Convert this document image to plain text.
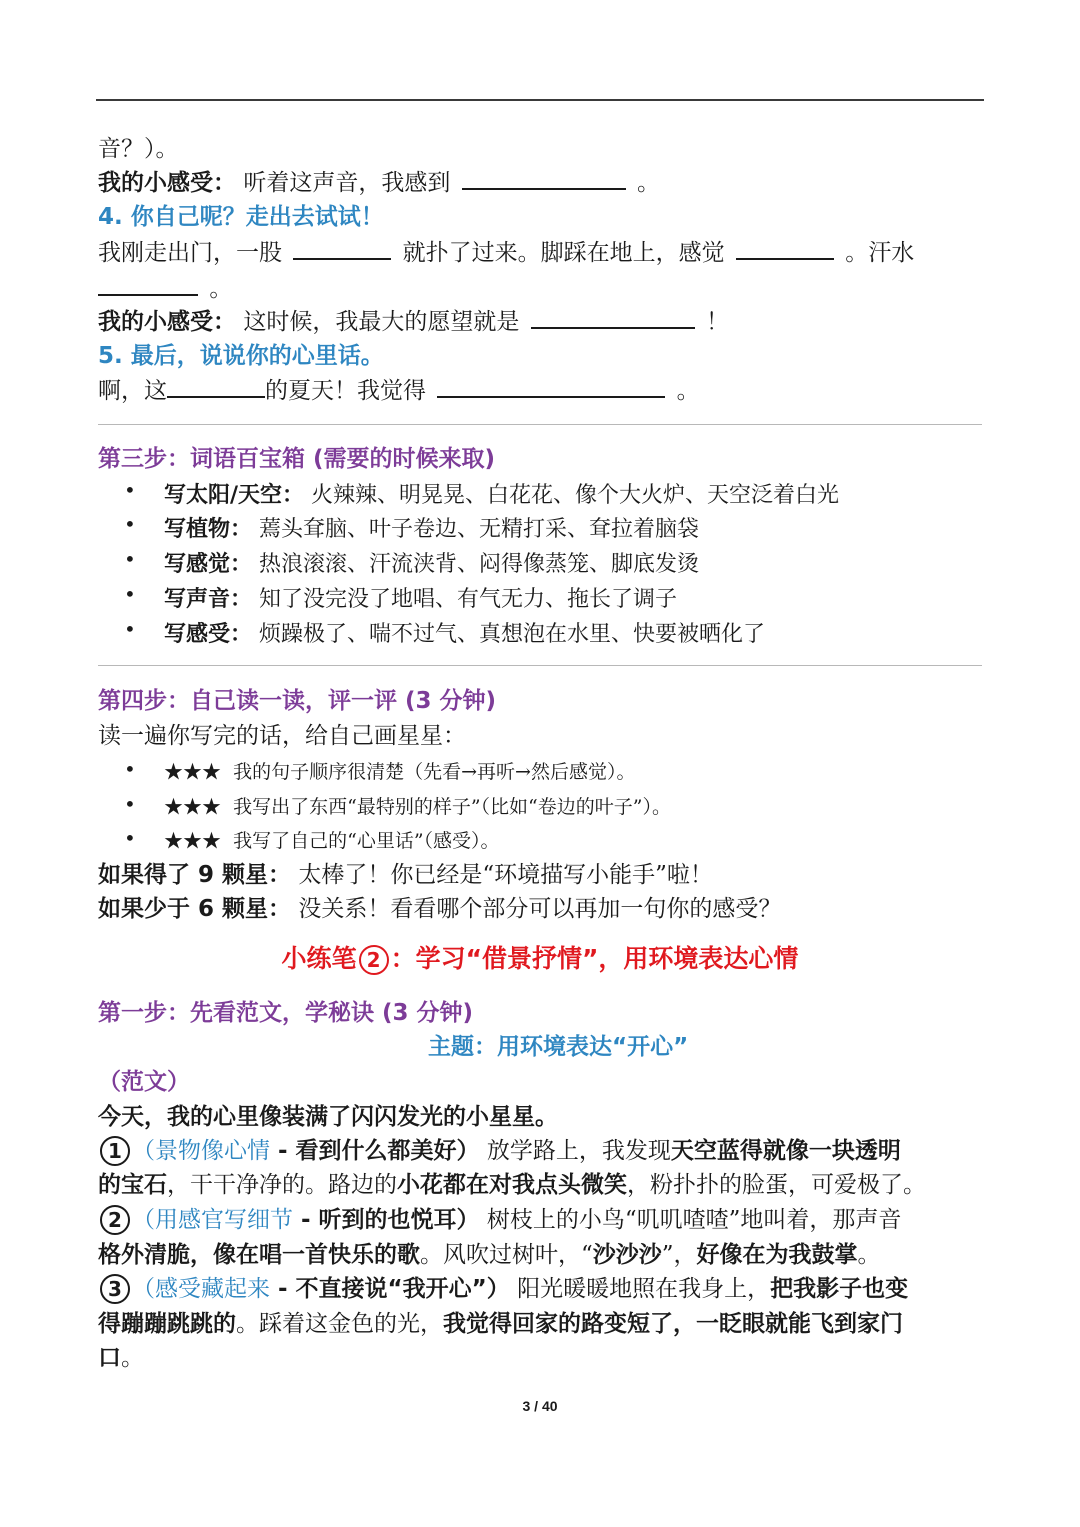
音？）。
我的小感受： 听着这声音，我感到	。
4. 你自己呢？走出去试试！
我刚走出门，一股	就扑了过来。脚踩在地上，感觉	。汗水
。
我的小感受： 这时候，我最大的愿望就是	！
5. 最后，说说你的心里话。
啊，这	的夏天！我觉得	。
第三步：词语百宝箱 (需要的时候来取)
• 写太阳/天空： 火辣辣、明晃晃、白花花、像个大火炉、天空泛着白光
• 写植物： 蔫头耷脑、叶子卷边、无精打采、耷拉着脑袋
• 写感觉： 热浪滚滚、汗流浃背、闷得像蒸笼、脚底发烫
• 写声音： 知了没完没了地唱、有气无力、拖长了调子
• 写感受： 烦躁极了、喘不过气、真想泡在水里、快要被晒化了
第四步：自己读一读，评一评 (3 分钟)
读一遍你写完的话，给自己画星星：
• ★★★ 我的句子顺序很清楚（先看→再听→然后感觉）。
• ★★★ 我写出了东西“最特别的样子”（比如“卷边的叶子”）。
• ★★★ 我写了自己的“心里话”（感受）。
如果得了 9 颗星： 太棒了！你已经是“环境描写小能手”啦！
如果少于 6 颗星： 没关系！看看哪个部分可以再加一句你的感受？
小练笔 2 ：学习“借景抒情”，用环境表达心情
第一步：先看范文，学秘诀 (3 分钟)
主题：用环境表达“开心”
（范文）
今天，我的心里像装满了闪闪发光的小星星。
1 （景物像心情 - 看到什么都美好） 放学路上，我发现天空蓝得就像一块透明
的宝石，干干净净的。路边的小花都在对我点头微笑，粉扑扑的脸蛋，可爱极了。
2 （用感官写细节 - 听到的也悦耳） 树枝上的小鸟“叽叽喳喳”地叫着，那声音
格外清脆，像在唱一首快乐的歌。风吹过树叶，“沙沙沙”，好像在为我鼓掌。
3 （感受藏起来 - 不直接说“我开心”） 阳光暖暖地照在我身上，把我影子也变
得蹦蹦跳跳的。踩着这金色的光，我觉得回家的路变短了，一眨眼就能飞到家门
口。
3 / 40
